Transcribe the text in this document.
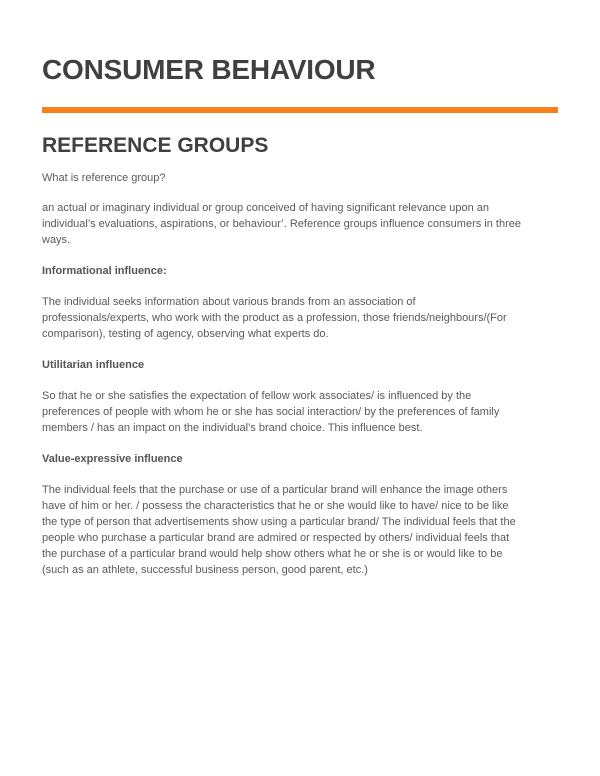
CONSUMER BEHAVIOUR
REFERENCE GROUPS

What is reference group?

an actual or imaginary individual or group conceived of having significant relevance upon an
individual’s evaluations, aspirations, or behaviour’. Reference groups influence consumers in three
ways.

Informational influence:

The individual seeks information about various brands from an association of
professionals/experts, who work with the product as a profession, those friends/neighbours/(For
comparison), testing of agency, observing what experts do.

Utilitarian influence

So that he or she satisfies the expectation of fellow work associates/ is influenced by the
preferences of people with whom he or she has social interaction/ by the preferences of family
members / has an impact on the individual’s brand choice. This influence best.

Value-expressive influence

The individual feels that the purchase or use of a particular brand will enhance the image others
have of him or her. / possess the characteristics that he or she would like to have/ nice to be like
the type of person that advertisements show using a particular brand/ The individual feels that the
people who purchase a particular brand are admired or respected by others/ individual feels that
the purchase of a particular brand would help show others what he or she is or would like to be
(such as an athlete, successful business person, good parent, etc.)
